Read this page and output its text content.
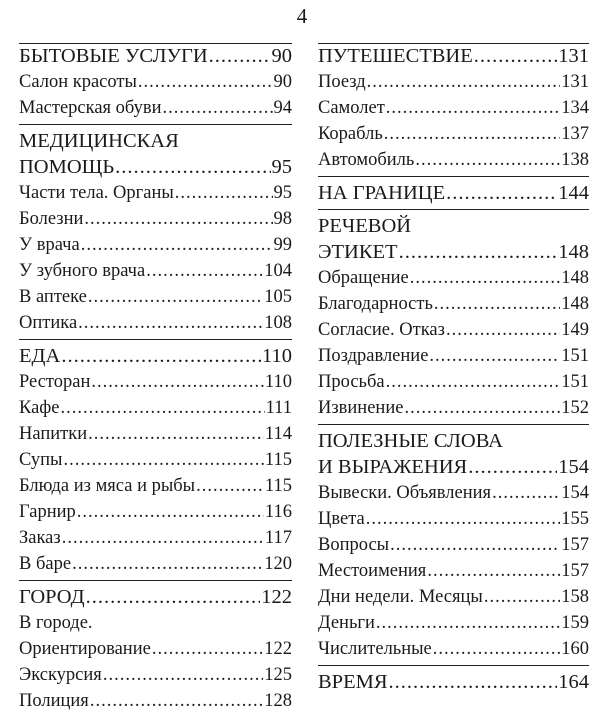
4
БЫТОВЫЕ УСЛУГИ .....	90
Салон красоты .....	90
Мастерская обуви .....	94
МЕДИЦИНСКАЯ
ПОМОЩЬ .....	95
Части тела. Органы .....	95
Болезни .....	98
У врача .....	99
У зубного врача .....	104
В аптеке .....	105
Оптика .....	108
ЕДА .....	110
Ресторан .....	110
Кафе .....	111
Напитки .....	114
Супы .....	115
Блюда из мяса и рыбы .....	115
Гарнир .....	116
Заказ .....	117
В баре .....	120
ГОРОД .....	122
В городе.
Ориентирование .....	122
Экскурсия .....	125
Полиция .....	128
ПУТЕШЕСТВИЕ .....	131
Поезд .....	131
Самолет .....	134
Корабль .....	137
Автомобиль .....	138
НА ГРАНИЦЕ .....	144
РЕЧЕВОЙ
ЭТИКЕТ .....	148
Обращение .....	148
Благодарность .....	148
Согласие. Отказ .....	149
Поздравление .....	151
Просьба .....	151
Извинение .....	152
ПОЛЕЗНЫЕ СЛОВА
И ВЫРАЖЕНИЯ .....	154
Вывески. Объявления .....	154
Цвета .....	155
Вопросы .....	157
Местоимения .....	157
Дни недели. Месяцы .....	158
Деньги .....	159
Числительные .....	160
ВРЕМЯ .....	164
